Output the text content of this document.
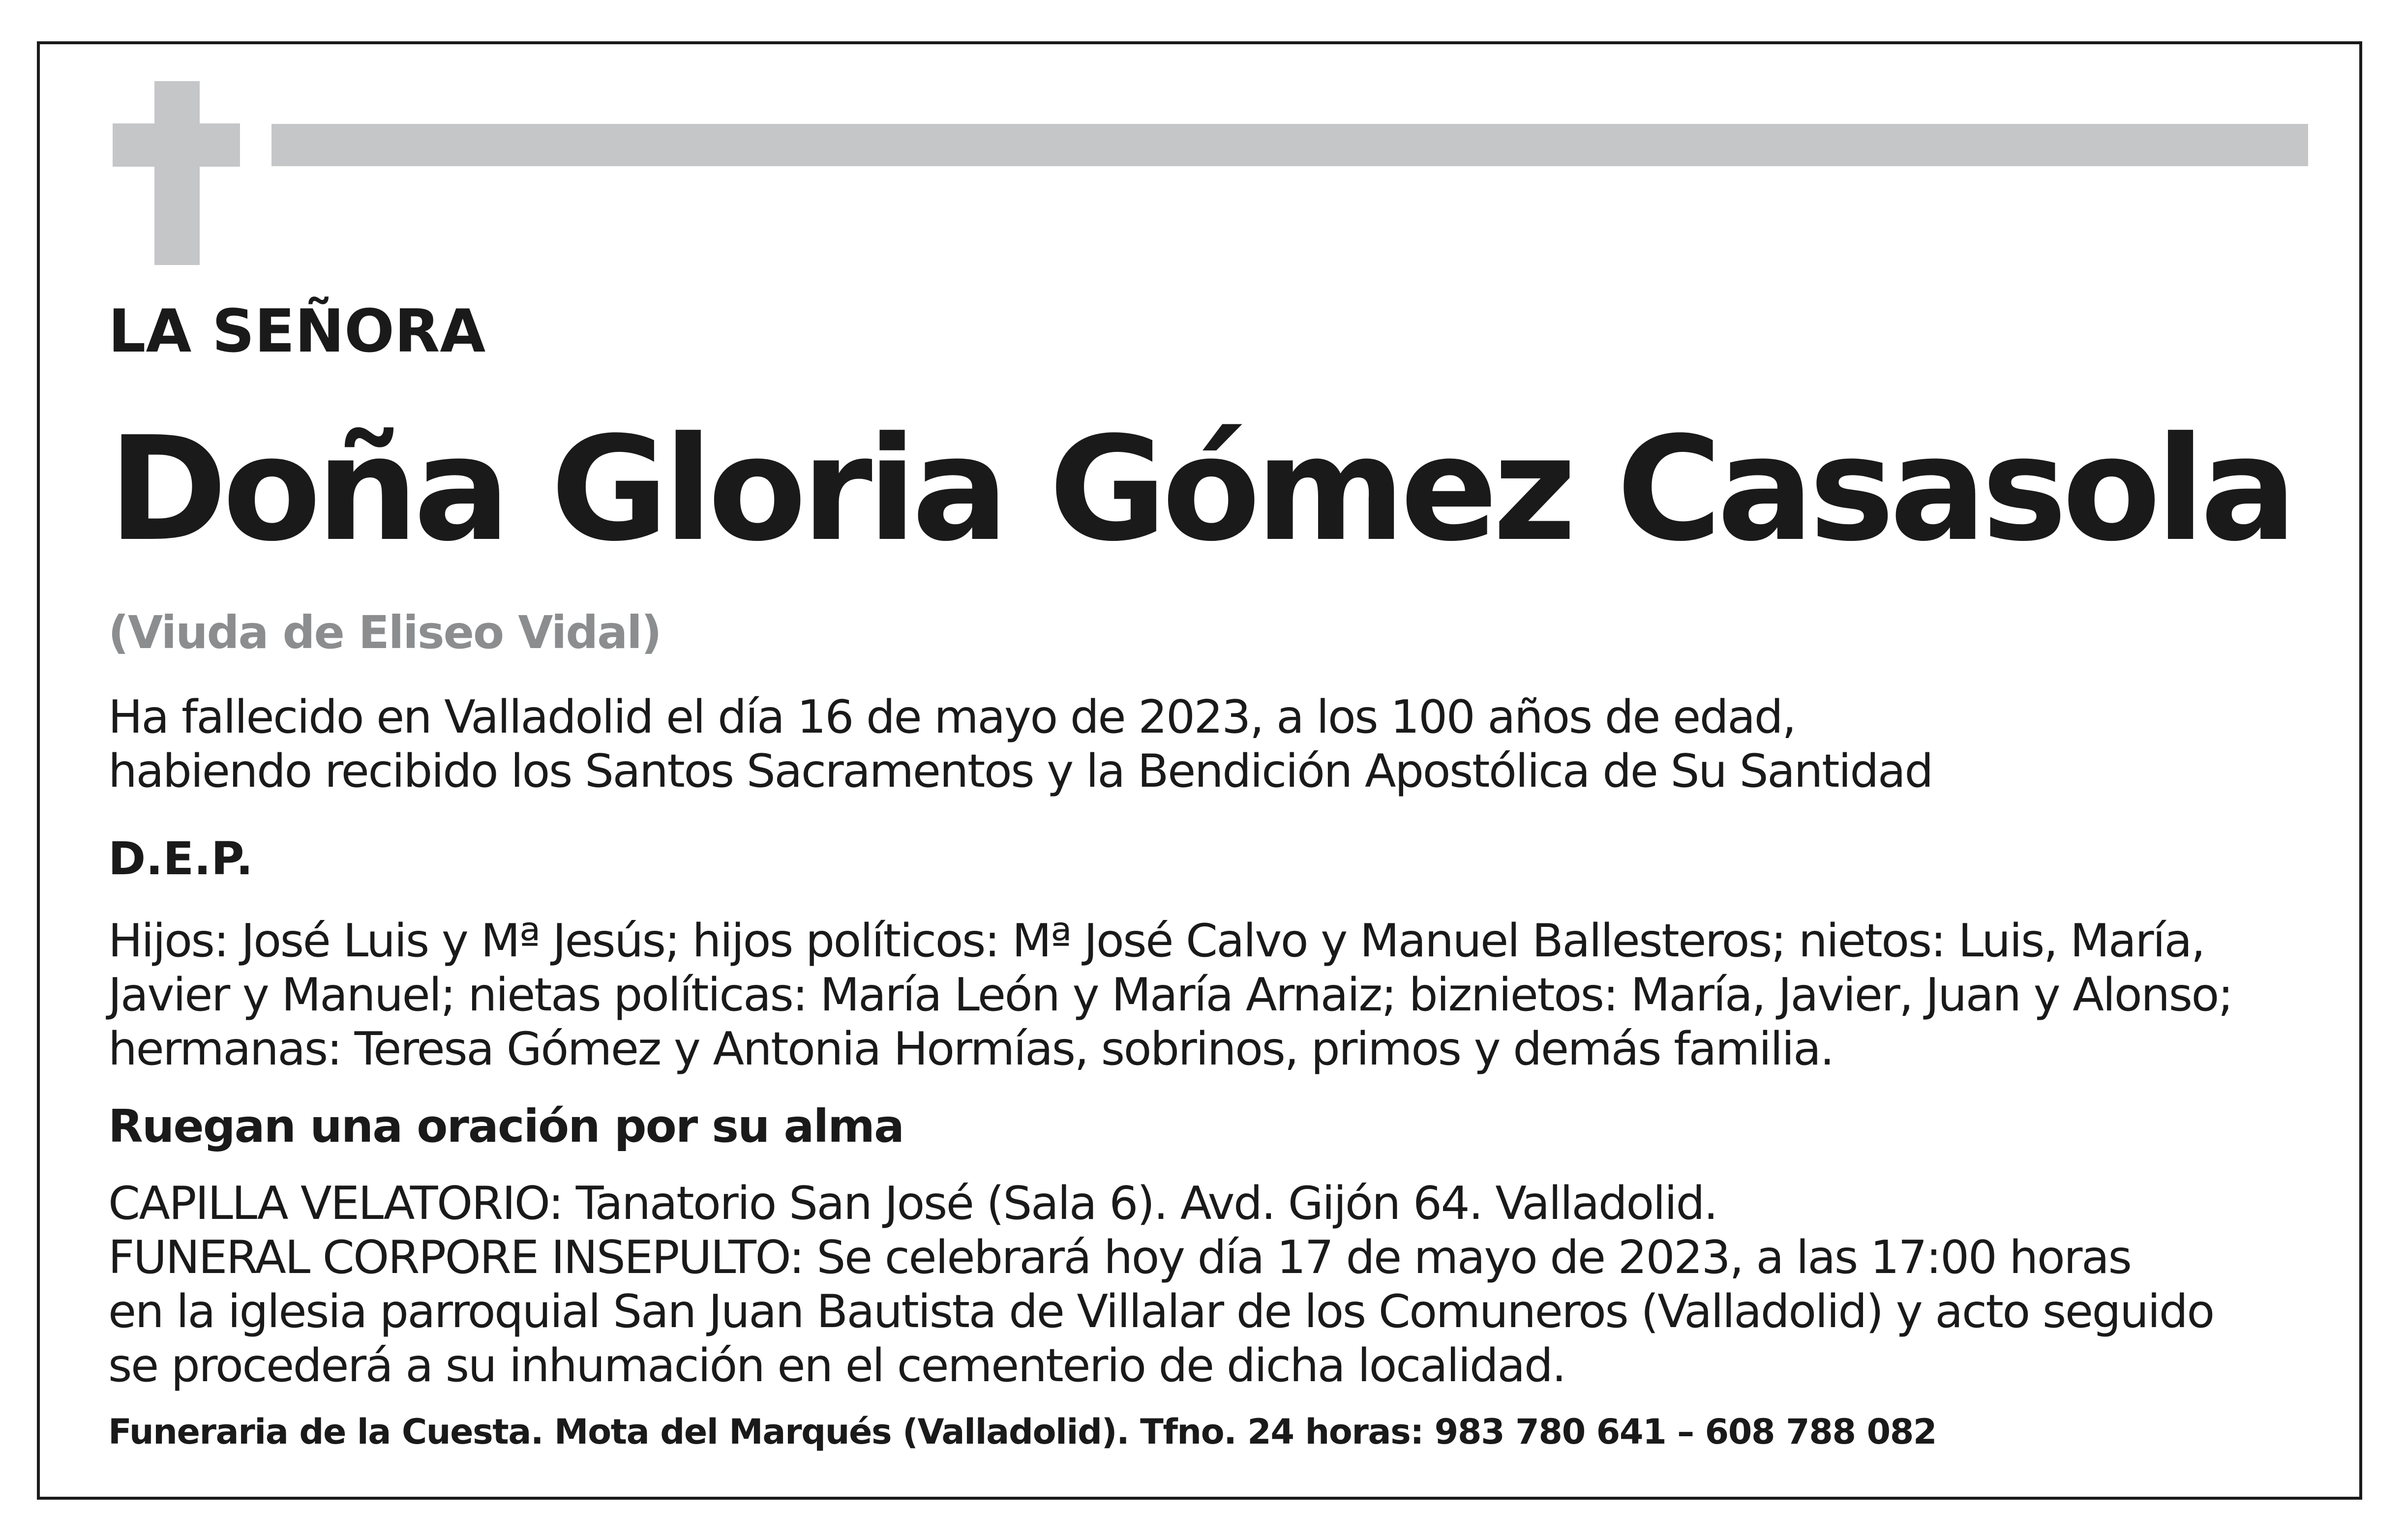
LA SEÑORA
Doña Gloria Gómez Casasola
(Viuda de Eliseo Vidal)
Ha fallecido en Valladolid el día 16 de mayo de 2023, a los 100 años de edad,
habiendo recibido los Santos Sacramentos y la Bendición Apostólica de Su Santidad
D.E.P.
Hijos: José Luis y Mª Jesús; hijos políticos: Mª José Calvo y Manuel Ballesteros; nietos: Luis, María,
Javier y Manuel; nietas políticas: María León y María Arnaiz; biznietos: María, Javier, Juan y Alonso;
hermanas: Teresa Gómez y Antonia Hormías, sobrinos, primos y demás familia.
Ruegan una oración por su alma
CAPILLA VELATORIO: Tanatorio San José (Sala 6). Avd. Gijón 64. Valladolid.
FUNERAL CORPORE INSEPULTO: Se celebrará hoy día 17 de mayo de 2023, a las 17:00 horas
en la iglesia parroquial San Juan Bautista de Villalar de los Comuneros (Valladolid) y acto seguido
se procederá a su inhumación en el cementerio de dicha localidad.
Funeraria de la Cuesta. Mota del Marqués (Valladolid). Tfno. 24 horas: 983 780 641 – 608 788 082
